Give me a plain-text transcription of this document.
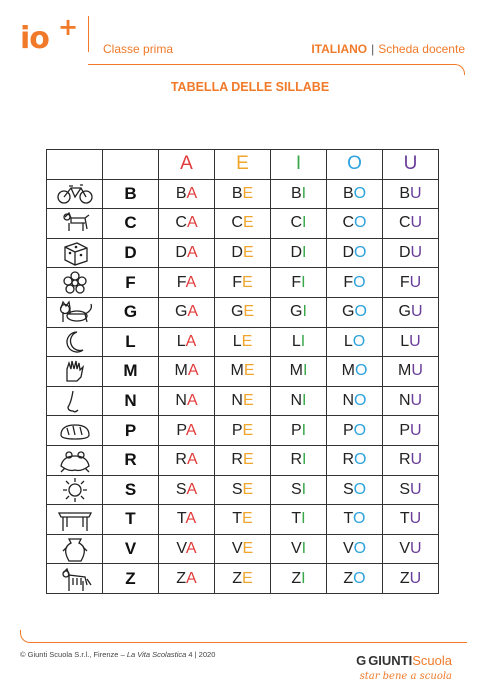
io +
Classe prima	ITALIANO | Scheda docente
TABELLA DELLE SILLABE
		A	E	I	O	U

	B	BA	BE	BI	BO	BU

	C	CA	CE	CI	CO	CU

	D	DA	DE	DI	DO	DU

	F	FA	FE	FI	FO	FU

	G	GA	GE	GI	GO	GU

	L	LA	LE	LI	LO	LU

	M	MA	ME	MI	MO	MU

	N	NA	NE	NI	NO	NU

	P	PA	PE	PI	PO	PU

	R	RA	RE	RI	RO	RU

	S	SA	SE	SI	SO	SU

	T	TA	TE	TI	TO	TU

	V	VA	VE	VI	VO	VU

	Z	ZA	ZE	ZI	ZO	ZU
© Giunti Scuola S.r.l., Firenze – La Vita Scolastica 4 | 2020	G GIUNTIScuola
star bene a scuola
